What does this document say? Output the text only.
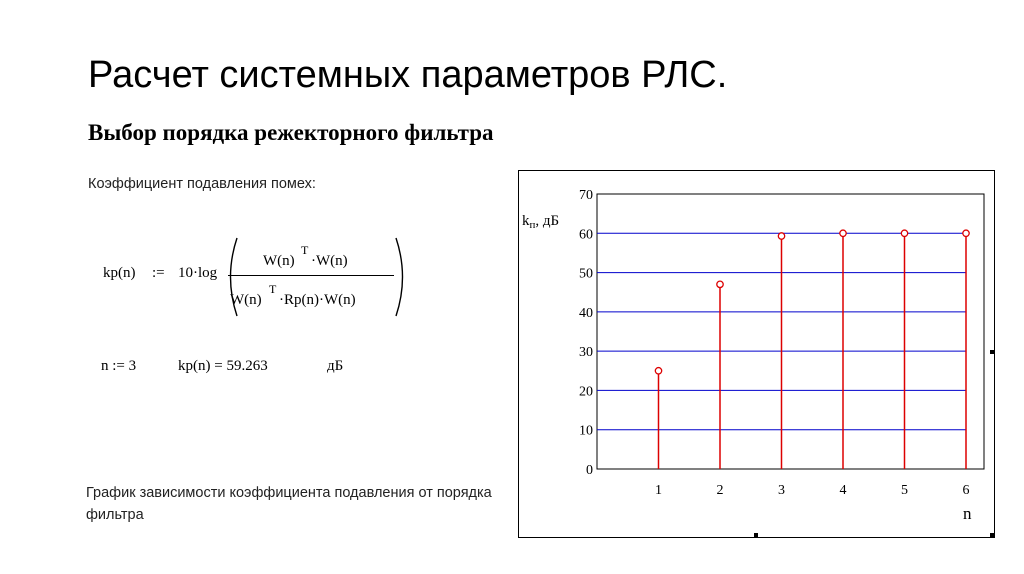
Расчет системных параметров РЛС.
Выбор порядка режекторного фильтра
Коэффициент подавления помех:
kp(n) := 10·log
W(n)
T
·W(n)
W(n)
T
·Rp(n)·W(n)
n := 3	kp(n) = 59.263	дБ
График зависимости коэффициента подавления от порядка фильтра
0
10
20
30
40
50
60
70
1	2	3	4	5	6
$k_п$, дБ
n
